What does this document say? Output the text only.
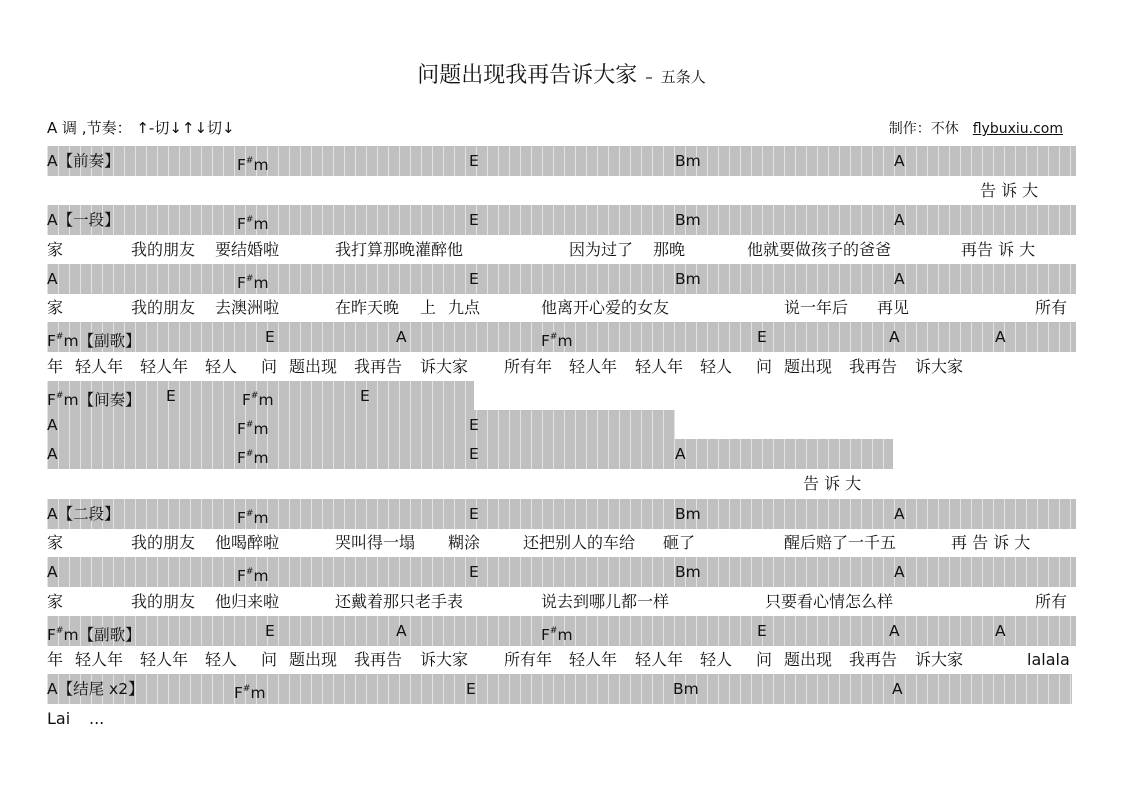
问题出现我再告诉大家 – 五条人
A 调 ,节奏： ↑-切↓↑↓切↓	制作：不休 flybuxiu.com
A【前奏】	F#m	E	Bm	A
告 诉 大
A【一段】	F#m	E	Bm	A
家	我的朋友 要结婚啦	我打算那晚灌醉他	因为过了 那晚	他就要做孩子的爸爸	再告 诉 大
A	F#m	E	Bm	A
家	我的朋友 去澳洲啦	在昨天晚 上 九点	他离开心爱的女友	说一年后 再见	所有
F#m【副歌】	E	A	F#m	E	A	A
年 轻人年 轻人年 轻人 问 题出现 我再告 诉大家 所有年 轻人年 轻人年 轻人 问 题出现 我再告 诉大家
F#m【间奏】 E	F#m	E
A	F#m	E
A	F#m	E	A
告 诉 大
A【二段】	F#m	E	Bm	A
家	我的朋友 他喝醉啦	哭叫得一塌 糊涂	还把别人的车给 砸了	醒后赔了一千五	再 告 诉 大
A	F#m	E	Bm	A
家	我的朋友 他归来啦	还戴着那只老手表	说去到哪儿都一样	只要看心情怎么样	所有
F#m【副歌】	E	A	F#m	E	A	A
年 轻人年 轻人年 轻人 问 题出现 我再告 诉大家 所有年 轻人年 轻人年 轻人 问 题出现 我再告 诉大家	lalala
A【结尾 x2】	F#m	E	Bm	A
Lai ...
